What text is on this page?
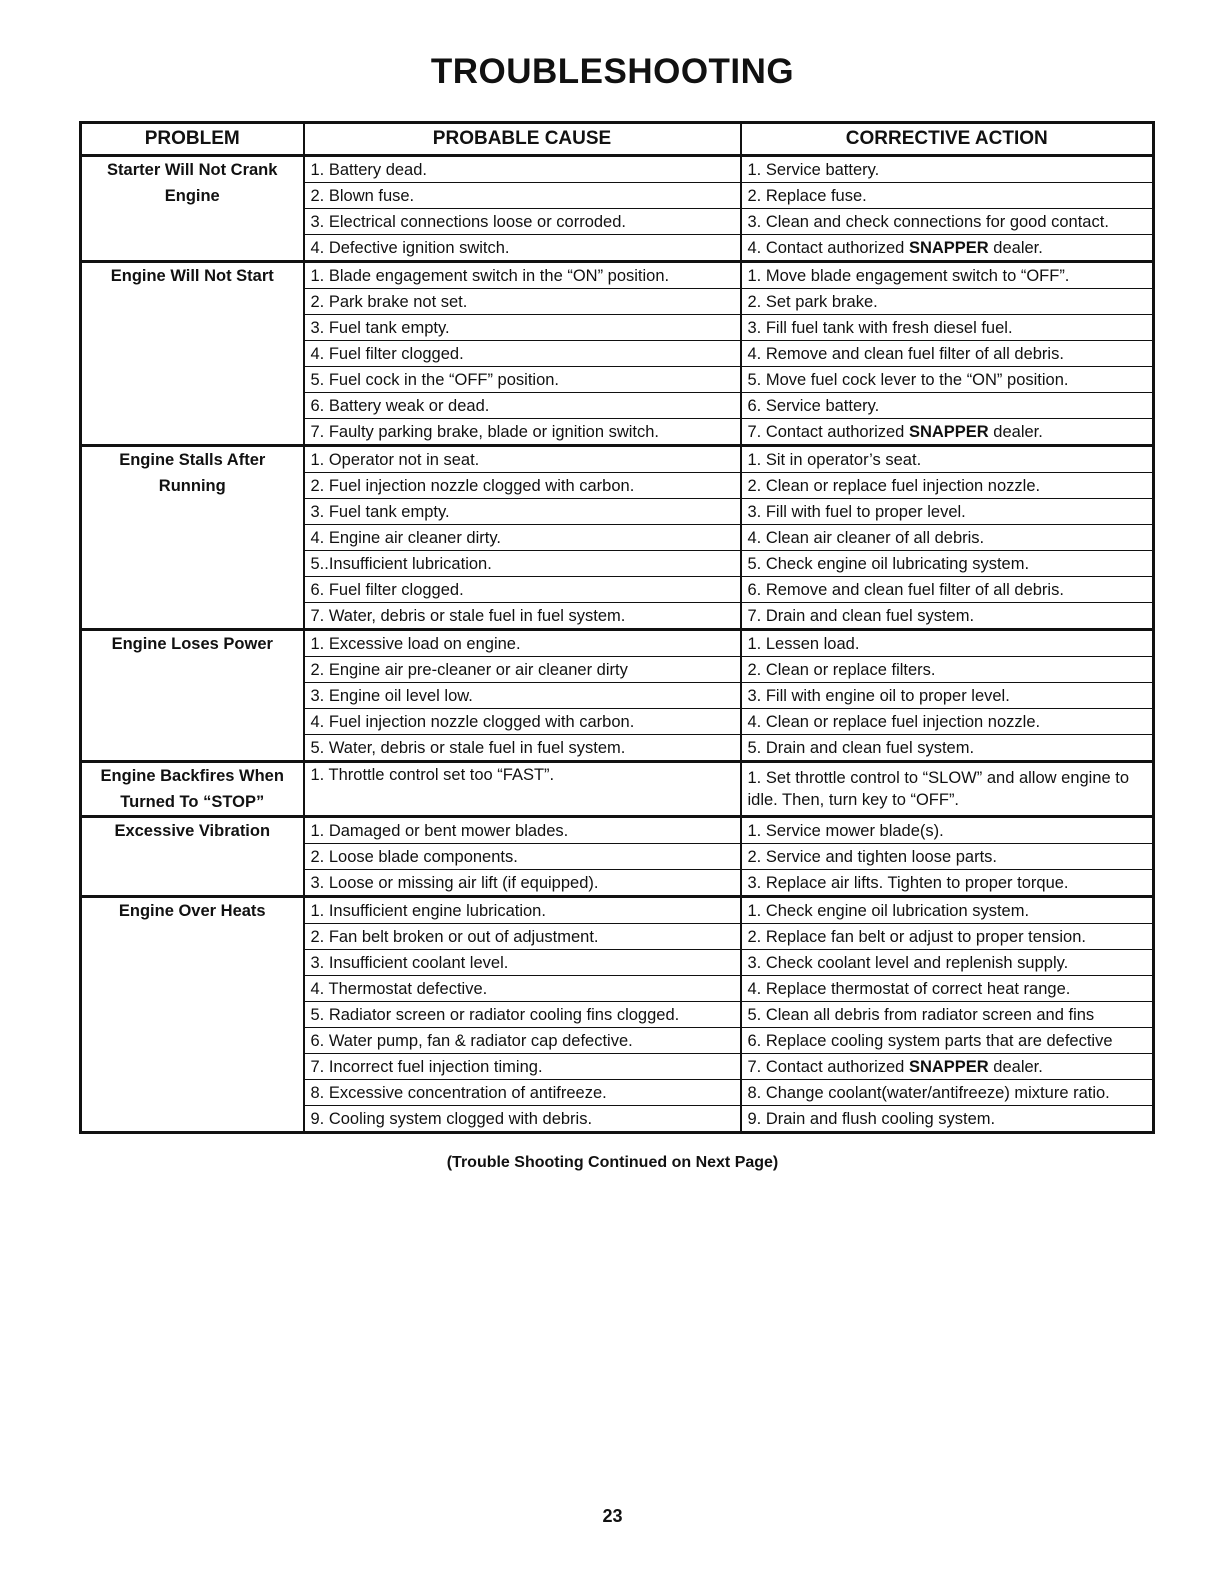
TROUBLESHOOTING
PROBLEM	PROBABLE CAUSE	CORRECTIVE ACTION
Starter Will Not Crank Engine	1. Battery dead.	1. Service battery.
	2. Blown fuse.	2. Replace fuse.
	3. Electrical connections loose or corroded.	3. Clean and check connections for good contact.
	4. Defective ignition switch.	4. Contact authorized SNAPPER dealer.
Engine Will Not Start	1. Blade engagement switch in the “ON” position.	1. Move blade engagement switch to “OFF”.
	2. Park brake not set.	2. Set park brake.
	3. Fuel tank empty.	3. Fill fuel tank with fresh diesel fuel.
	4. Fuel filter clogged.	4. Remove and clean fuel filter of all debris.
	5. Fuel cock in the “OFF” position.	5. Move fuel cock lever to the “ON” position.
	6. Battery weak or dead.	6. Service battery.
	7. Faulty parking brake, blade or ignition switch.	7. Contact authorized SNAPPER dealer.
Engine Stalls After Running	1. Operator not in seat.	1. Sit in operator’s seat.
	2. Fuel injection nozzle clogged with carbon.	2. Clean or replace fuel injection nozzle.
	3. Fuel tank empty.	3. Fill with fuel to proper level.
	4. Engine air cleaner dirty.	4. Clean air cleaner of all debris.
	5..Insufficient lubrication.	5. Check engine oil lubricating system.
	6. Fuel filter clogged.	6. Remove and clean fuel filter of all debris.
	7. Water, debris or stale fuel in fuel system.	7. Drain and clean fuel system.
Engine Loses Power	1. Excessive load on engine.	1. Lessen load.
	2. Engine air pre-cleaner or air cleaner dirty	2. Clean or replace filters.
	3. Engine oil level low.	3. Fill with engine oil to proper level.
	4. Fuel injection nozzle clogged with carbon.	4. Clean or replace fuel injection nozzle.
	5. Water, debris or stale fuel in fuel system.	5. Drain and clean fuel system.
Engine Backfires When Turned To “STOP”	1. Throttle control set too “FAST”.	1. Set throttle control to “SLOW” and allow engine to idle. Then, turn key to “OFF”.
Excessive Vibration	1. Damaged or bent mower blades.	1. Service mower blade(s).
	2. Loose blade components.	2. Service and tighten loose parts.
	3. Loose or missing air lift (if equipped).	3. Replace air lifts. Tighten to proper torque.
Engine Over Heats	1. Insufficient engine lubrication.	1. Check engine oil lubrication system.
	2. Fan belt broken or out of adjustment.	2. Replace fan belt or adjust to proper tension.
	3. Insufficient coolant level.	3. Check coolant level and replenish supply.
	4. Thermostat defective.	4. Replace thermostat of correct heat range.
	5. Radiator screen or radiator cooling fins clogged.	5. Clean all debris from radiator screen and fins
	6. Water pump, fan & radiator cap defective.	6. Replace cooling system parts that are defective
	7. Incorrect fuel injection timing.	7. Contact authorized SNAPPER dealer.
	8. Excessive concentration of antifreeze.	8. Change coolant(water/antifreeze) mixture ratio.
	9. Cooling system clogged with debris.	9. Drain and flush cooling system.
(Trouble Shooting Continued on Next Page)
23
